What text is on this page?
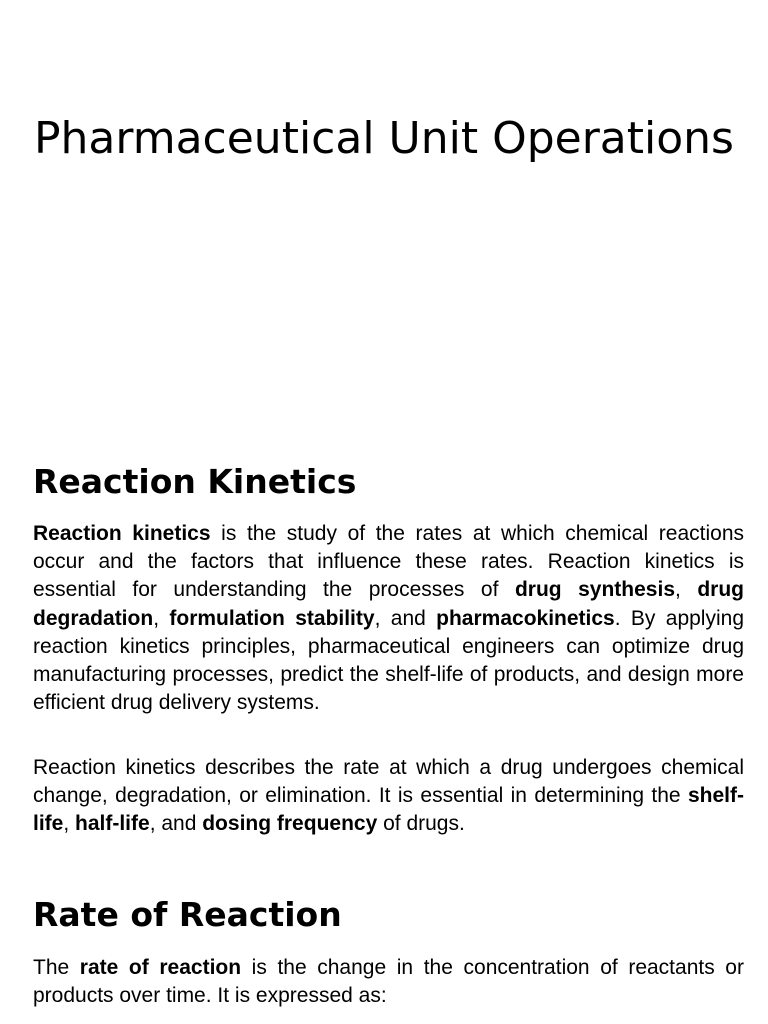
Pharmaceutical Unit Operations
Reaction Kinetics

Reaction kinetics is the study of the rates at which chemical reactions occur and the factors that influence these rates. Reaction kinetics is essential for understanding the processes of drug synthesis, drug degradation, formulation stability, and pharmacokinetics. By applying reaction kinetics principles, pharmaceutical engineers can optimize drug manufacturing processes, predict the shelf-life of products, and design more efficient drug delivery systems.

Reaction kinetics describes the rate at which a drug undergoes chemical change, degradation, or elimination. It is essential in determining the shelf-life, half-life, and dosing frequency of drugs.

Rate of Reaction

The rate of reaction is the change in the concentration of reactants or products over time. It is expressed as:
